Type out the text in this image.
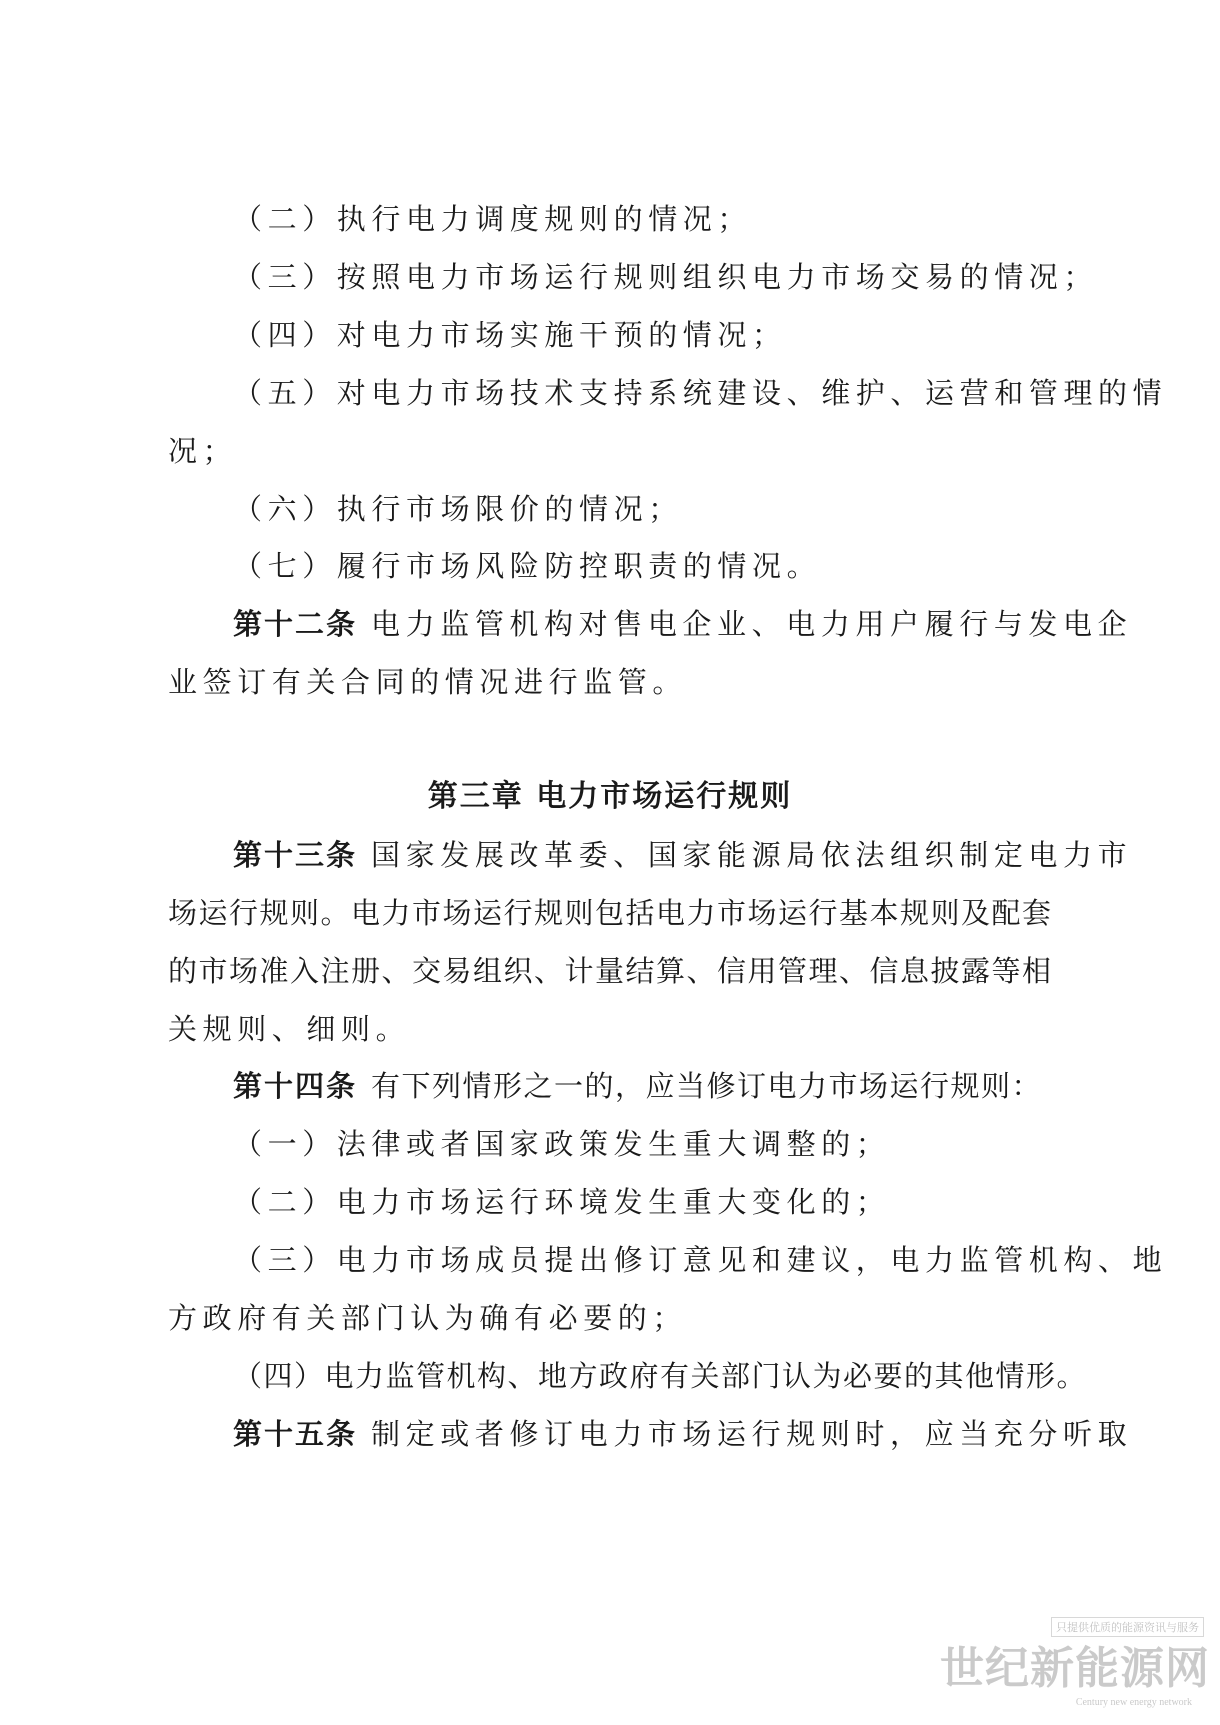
（二）执行电力调度规则的情况；
（三）按照电力市场运行规则组织电力市场交易的情况；
（四）对电力市场实施干预的情况；
（五）对电力市场技术支持系统建设、维护、运营和管理的情
况；
（六）执行市场限价的情况；
（七）履行市场风险防控职责的情况。
第十二条 电力监管机构对售电企业、电力用户履行与发电企
业签订有关合同的情况进行监管。
第三章 电力市场运行规则
第十三条 国家发展改革委、国家能源局依法组织制定电力市
场运行规则。电力市场运行规则包括电力市场运行基本规则及配套
的市场准入注册、交易组织、计量结算、信用管理、信息披露等相
关规则、细则。
第十四条 有下列情形之一的，应当修订电力市场运行规则：
（一）法律或者国家政策发生重大调整的；
（二）电力市场运行环境发生重大变化的；
（三）电力市场成员提出修订意见和建议，电力监管机构、地
方政府有关部门认为确有必要的；
（四）电力监管机构、地方政府有关部门认为必要的其他情形。
第十五条 制定或者修订电力市场运行规则时，应当充分听取
只提供优质的能源资讯与服务
世纪新能源网
Century new energy network
